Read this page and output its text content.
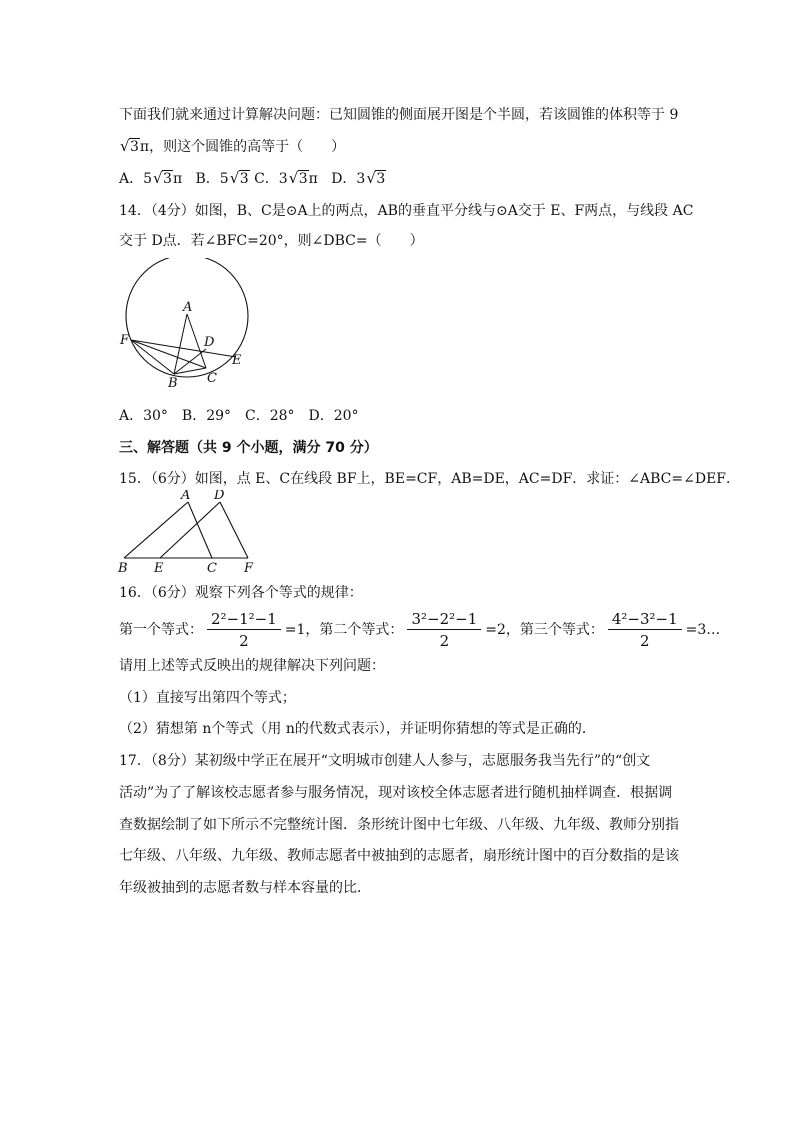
下面我们就来通过计算解决问题：已知圆锥的侧面展开图是个半圆，若该圆锥的体积等于 9
√ 3π，则这个圆锥的高等于（　　）
A．5 √ 3π B．5 √ 3 C．3 √ 3π D．3 √ 3
14．（4分）如图，B、C是⊙A上的两点，AB的垂直平分线与⊙A交于 E、F两点，与线段 AC
交于 D点．若∠BFC=20°，则∠DBC=（　　）
A
D
F
E
B C
A．30°　B．29°　C．28°　D．20°
三、解答题（共 9 个小题，满分 70 分）
15．（6分）如图，点 E、C在线段 BF上，BE=CF，AB=DE，AC=DF．求证：∠ABC=∠DEF．
A D
B E	C F
16．（6分）观察下列各个等式的规律：
第一个等式： $\frac{\text{2²−1²−1}}{2} =1$，第二个等式： $\frac{\text{3²−2²−1}}{2} =2$，第三个等式： $\frac{\text{4²−3²−1}}{2}$ =3…
请用上述等式反映出的规律解决下列问题：
（1）直接写出第四个等式；
（2）猜想第 n个等式（用 n的代数式表示），并证明你猜想的等式是正确的．
17．（8分）某初级中学正在展开“文明城市创建人人参与，志愿服务我当先行”的“创文
活动”为了了解该校志愿者参与服务情况，现对该校全体志愿者进行随机抽样调查．根据调
查数据绘制了如下所示不完整统计图．条形统计图中七年级、八年级、九年级、教师分别指
七年级、八年级、九年级、教师志愿者中被抽到的志愿者，扇形统计图中的百分数指的是该
年级被抽到的志愿者数与样本容量的比．
